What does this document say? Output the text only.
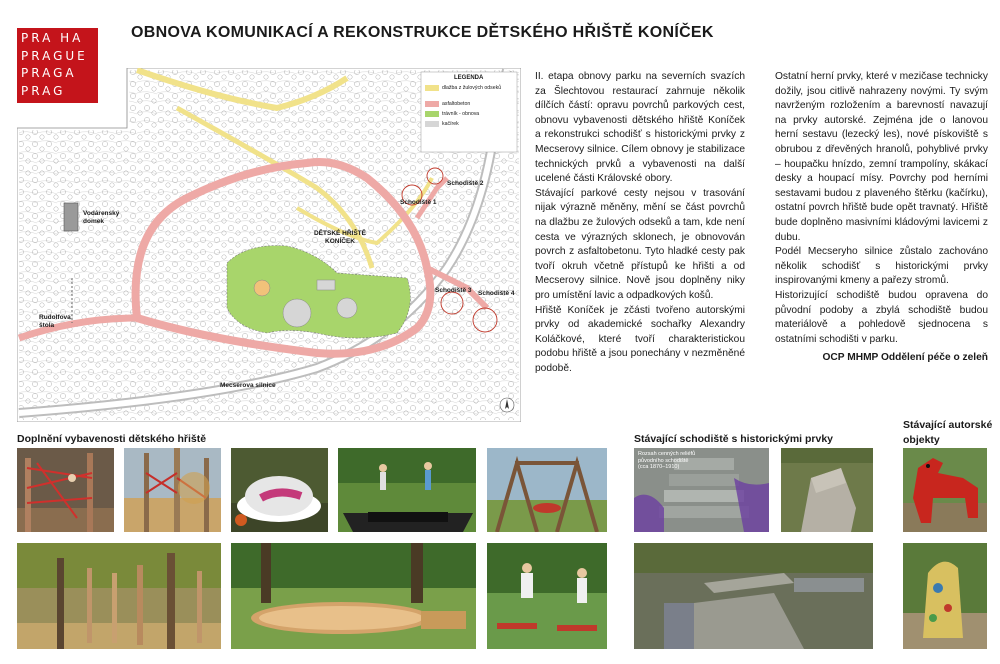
PRA HA
PRAGUE
PRAGA
PRAG
OBNOVA KOMUNIKACÍ A REKONSTRUKCE DĚTSKÉHO HŘIŠTĚ KONÍČEK
LEGENDA
dlažba z žulových odseků
asfaltobeton
trávník - obnova
kačírek
Vodárenský domek
Rudolfova štola
DĚTSKÉ HŘIŠTĚ KONÍČEK
Schodiště 1
Schodiště 2
Schodiště 3 Schodiště 4
Mecserova silnice

II. etapa obnovy parku na severních svazích za Šlechtovou restaurací zahrnuje několik dílčích částí: opravu povrchů parkových cest, obnovu vybavenosti dětského hřiště Koníček a rekonstrukci schodišť s historickými prvky z Mecserovy silnice. Cílem obnovy je stabilizace technických prvků a vybavenosti na další ucelené části Královské obory.

Stávající parkové cesty nejsou v trasování nijak výrazně měněny, mění se část povrchů na dlažbu ze žulových odseků a tam, kde není cesta ve výrazných sklonech, je obnovován povrch z asfaltobetonu. Tyto hladké cesty pak tvoří okruh včetně přístupů ke hřišti a od Mecserovy silnice. Nově jsou doplněny niky pro umístění lavic a odpadkových košů.

Hřiště Koníček je zčásti tvořeno autorskými prvky od akademické sochařky Alexandry Koláčkové, které tvoří charakteristickou podobu hřiště a jsou ponechány v nezměněné podobě.

Ostatní herní prvky, které v mezičase technicky dožily, jsou citlivě nahrazeny novými. Ty svým navrženým rozložením a barevností navazují na prvky autorské. Zejména jde o lanovou herní sestavu (lezecký les), nové pískoviště s obrubou z dřevěných hranolů, pohyblivé prvky – houpačku hnízdo, zemní trampolíny, skákací desky a houpací mísy. Povrchy pod herními sestavami budou z plaveného štěrku (kačírku), ostatní povrch hřiště bude opět travnatý. Hřiště bude doplněno masivními kládovými lavicemi z dubu.

Podél Mecseryho silnice zůstalo zachováno několik schodišť s historickými prvky inspirovanými kmeny a pařezy stromů.

Historizující schodiště budou opravena do původní podoby a zbylá schodiště budou materiálově a pohledově sjednocena s ostatními schodišti v parku.

OCP MHMP Oddělení péče o zeleň

Doplnění vybavenosti dětského hřiště	Stávající schodiště s historickými prvky
Stávající autorské
objekty
Rozsah cenných reliéfů původního schodiště (cca 1870–1910)
